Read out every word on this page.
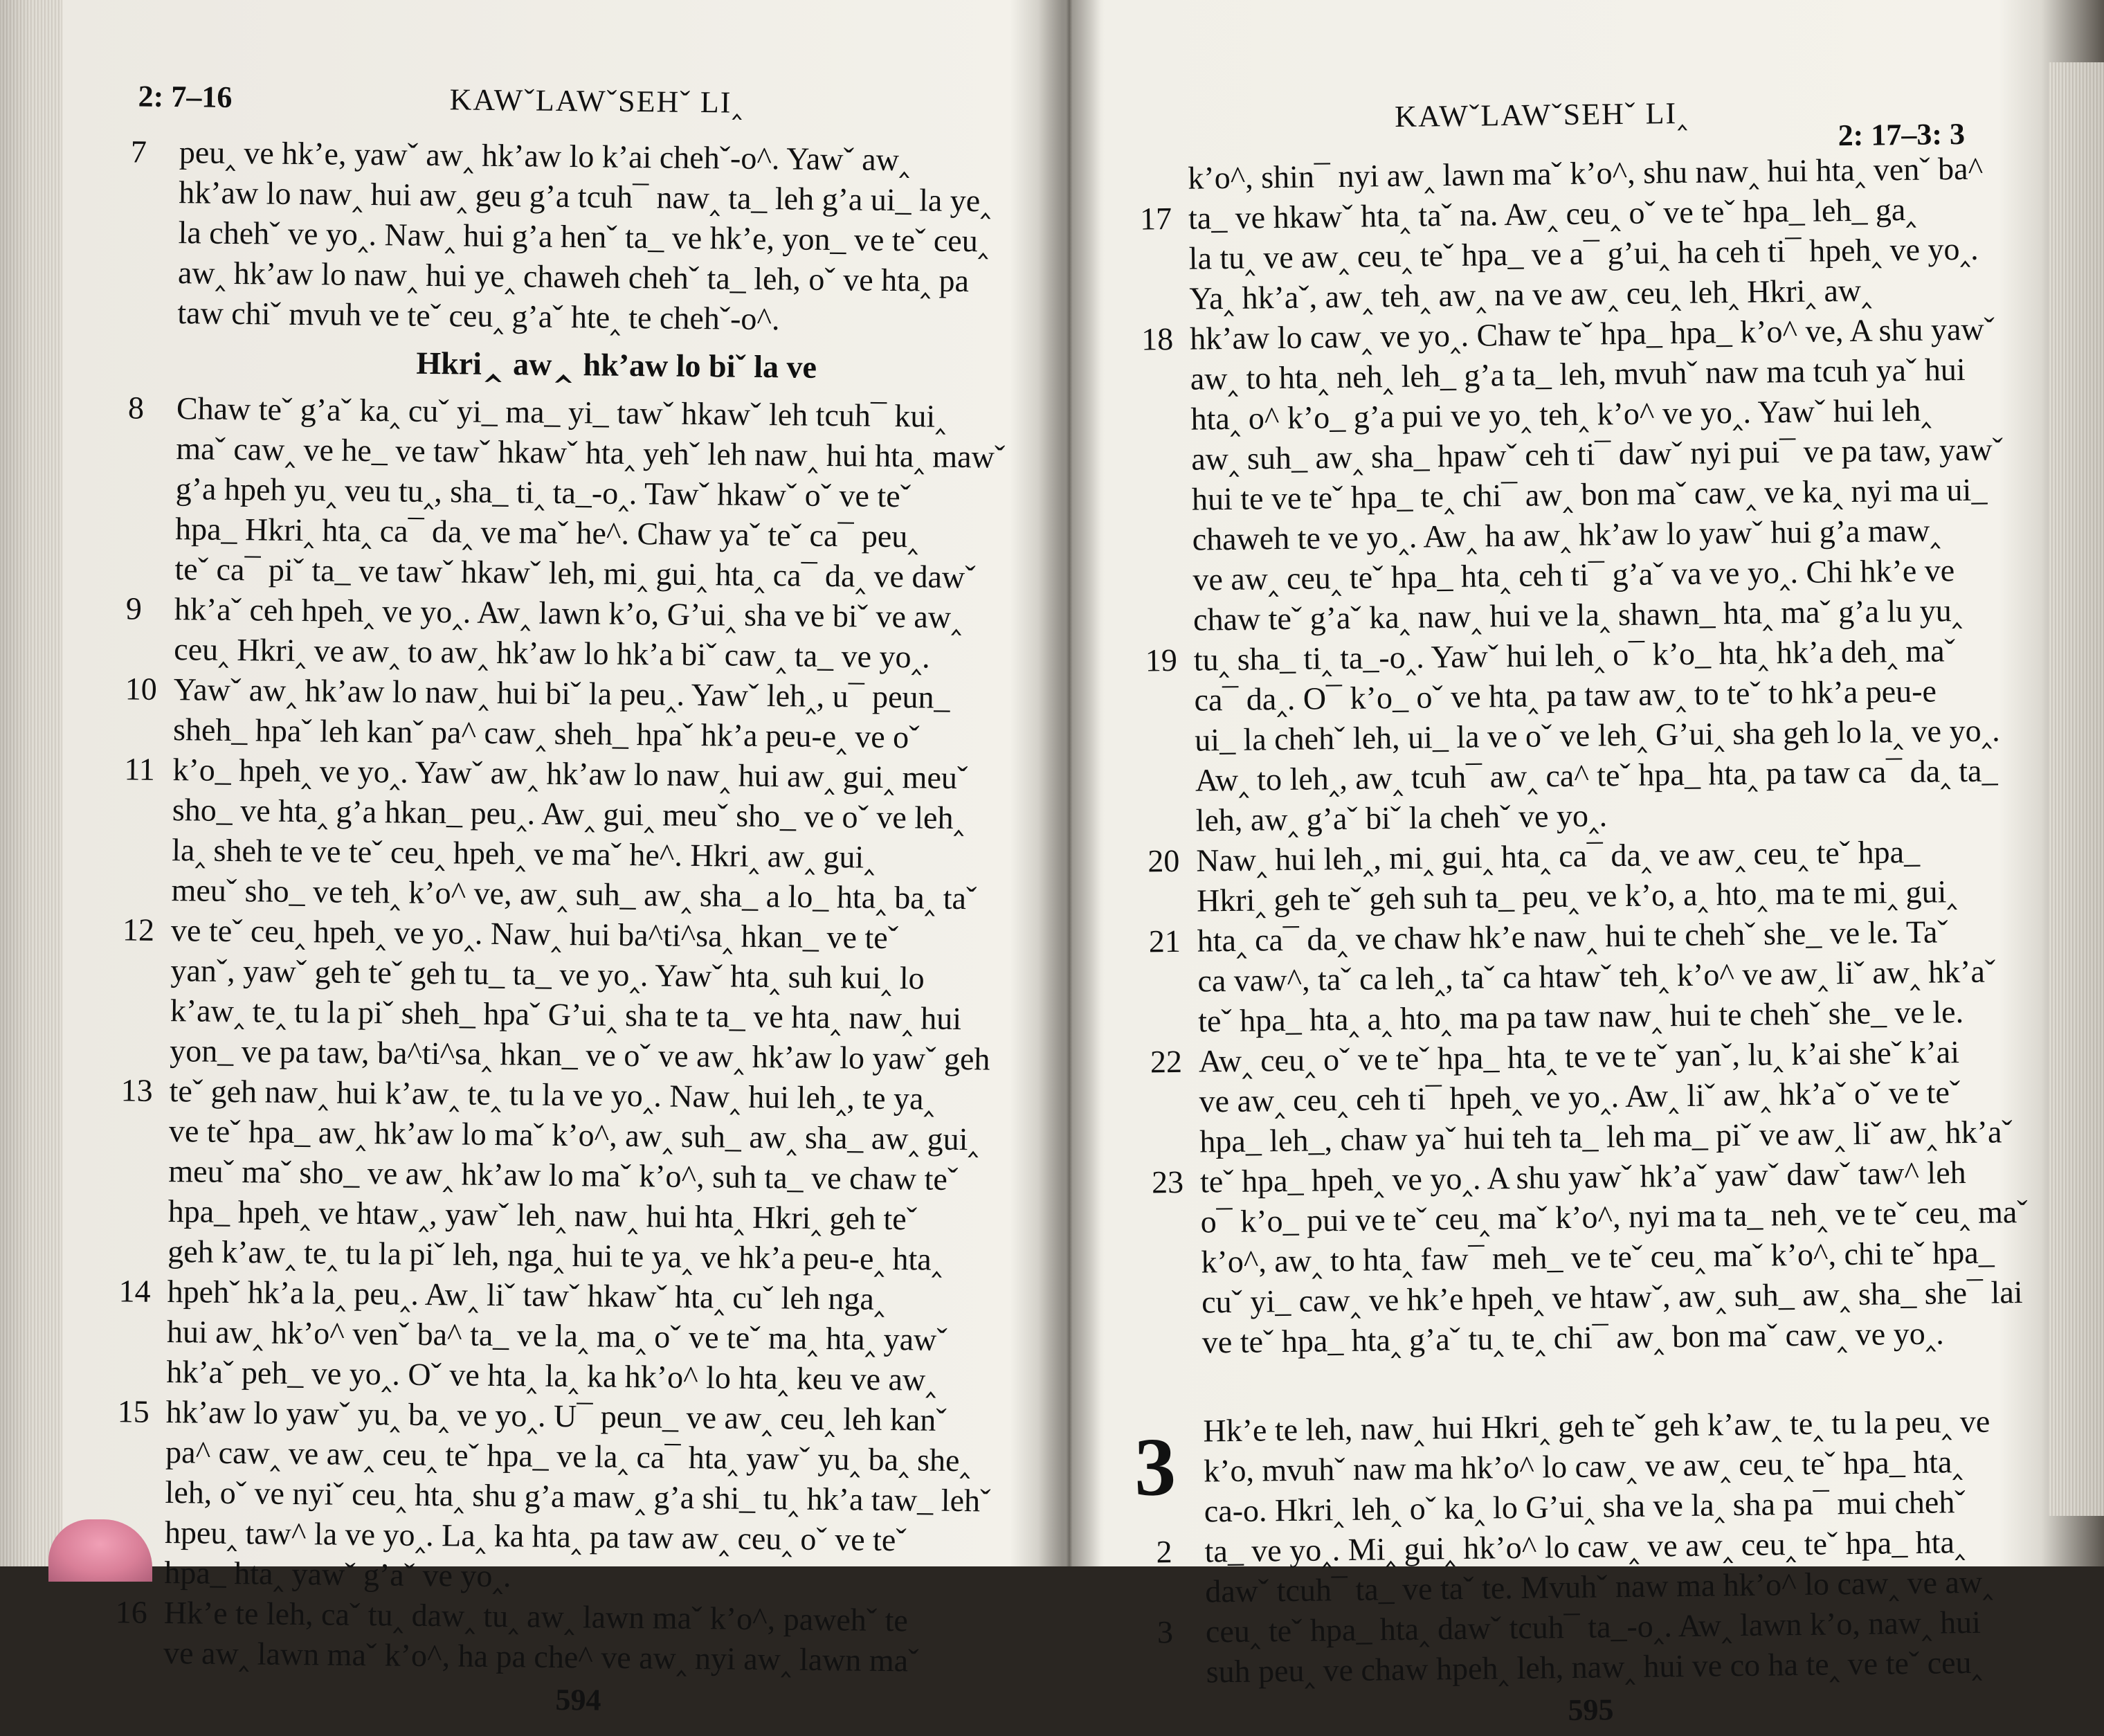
2: 7–16	KAWˇLAWˇSEHˇ LI‸
7 peu‸ ve hk’e, yawˇ aw‸ hk’aw lo k’ai chehˇ-o^. Yawˇ aw‸
hk’aw lo naw‸ hui aw‸ geu g’a tcuh¯ naw‸ ta_ leh g’a ui_ la ye‸
la chehˇ ve yo‸. Naw‸ hui g’a henˇ ta_ ve hk’e, yon_ ve teˇ ceu‸
aw‸ hk’aw lo naw‸ hui ye‸ chaweh chehˇ ta_ leh, oˇ ve hta‸ pa
taw chiˇ mvuh ve teˇ ceu‸ g’aˇ hte‸ te chehˇ-o^.
Hkri‸ aw‸ hk’aw lo biˇ la ve
8 Chaw teˇ g’aˇ ka‸ cuˇ yi_ ma_ yi_ tawˇ hkawˇ leh tcuh¯ kui‸
maˇ caw‸ ve he_ ve tawˇ hkawˇ hta‸ yehˇ leh naw‸ hui hta‸ mawˇ
g’a hpeh yu‸ veu tu‸, sha_ ti‸ ta_-o‸. Tawˇ hkawˇ oˇ ve teˇ
hpa_ Hkri‸ hta‸ ca¯ da‸ ve maˇ he^. Chaw yaˇ teˇ ca¯ peu‸
teˇ ca¯ piˇ ta_ ve tawˇ hkawˇ leh, mi‸ gui‸ hta‸ ca¯ da‸ ve dawˇ
9 hk’aˇ ceh hpeh‸ ve yo‸. Aw‸ lawn k’o, G’ui‸ sha ve biˇ ve aw‸
ceu‸ Hkri‸ ve aw‸ to aw‸ hk’aw lo hk’a biˇ caw‸ ta_ ve yo‸.
10 Yawˇ aw‸ hk’aw lo naw‸ hui biˇ la peu‸. Yawˇ leh‸, u¯ peun_
sheh_ hpaˇ leh kanˇ pa^ caw‸ sheh_ hpaˇ hk’a peu-e‸ ve oˇ
11 k’o_ hpeh‸ ve yo‸. Yawˇ aw‸ hk’aw lo naw‸ hui aw‸ gui‸ meuˇ
sho_ ve hta‸ g’a hkan_ peu‸. Aw‸ gui‸ meuˇ sho_ ve oˇ ve leh‸
la‸ sheh te ve teˇ ceu‸ hpeh‸ ve maˇ he^. Hkri‸ aw‸ gui‸
meuˇ sho_ ve teh‸ k’o^ ve, aw‸ suh_ aw‸ sha_ a lo_ hta‸ ba‸ taˇ
12 ve teˇ ceu‸ hpeh‸ ve yo‸. Naw‸ hui ba^ti^sa‸ hkan_ ve teˇ
yanˇ, yawˇ geh teˇ geh tu_ ta_ ve yo‸. Yawˇ hta‸ suh kui‸ lo
k’aw‸ te‸ tu la piˇ sheh_ hpaˇ G’ui‸ sha te ta_ ve hta‸ naw‸ hui
yon_ ve pa taw, ba^ti^sa‸ hkan_ ve oˇ ve aw‸ hk’aw lo yawˇ geh
13 teˇ geh naw‸ hui k’aw‸ te‸ tu la ve yo‸. Naw‸ hui leh‸, te ya‸
ve teˇ hpa_ aw‸ hk’aw lo maˇ k’o^, aw‸ suh_ aw‸ sha_ aw‸ gui‸
meuˇ maˇ sho_ ve aw‸ hk’aw lo maˇ k’o^, suh ta_ ve chaw teˇ
hpa_ hpeh‸ ve htaw‸, yawˇ leh‸ naw‸ hui hta‸ Hkri‸ geh teˇ
geh k’aw‸ te‸ tu la piˇ leh, nga‸ hui te ya‸ ve hk’a peu-e‸ hta‸
14 hpehˇ hk’a la‸ peu‸. Aw‸ liˇ tawˇ hkawˇ hta‸ cuˇ leh nga‸
hui aw‸ hk’o^ venˇ ba^ ta_ ve la‸ ma‸ oˇ ve teˇ ma‸ hta‸ yawˇ
hk’aˇ peh_ ve yo‸. Oˇ ve hta‸ la‸ ka hk’o^ lo hta‸ keu ve aw‸
15 hk’aw lo yawˇ yu‸ ba‸ ve yo‸. U¯ peun_ ve aw‸ ceu‸ leh kanˇ
pa^ caw‸ ve aw‸ ceu‸ teˇ hpa_ ve la‸ ca¯ hta‸ yawˇ yu‸ ba‸ she‸
leh, oˇ ve nyiˇ ceu‸ hta‸ shu g’a maw‸ g’a shi_ tu‸ hk’a taw_ lehˇ
hpeu‸ taw^ la ve yo‸. La‸ ka hta‸ pa taw aw‸ ceu‸ oˇ ve teˇ
hpa_ hta‸ yawˇ g’aˇ ve yo‸.
16 Hk’e te leh, caˇ tu‸ daw‸ tu‸ aw‸ lawn maˇ k’o^, pawehˇ te
ve aw‸ lawn maˇ k’o^, ha pa che^ ve aw‸ nyi aw‸ lawn maˇ
594
KAWˇLAWˇSEHˇ LI‸
2: 17–3: 3
k’o^, shin¯ nyi aw‸ lawn maˇ k’o^, shu naw‸ hui hta‸ venˇ ba^
17 ta_ ve hkawˇ hta‸ taˇ na. Aw‸ ceu‸ oˇ ve teˇ hpa_ leh_ ga‸
la tu‸ ve aw‸ ceu‸ teˇ hpa_ ve a¯ g’ui‸ ha ceh ti¯ hpeh‸ ve yo‸.
Ya‸ hk’aˇ, aw‸ teh‸ aw‸ na ve aw‸ ceu‸ leh‸ Hkri‸ aw‸
18 hk’aw lo caw‸ ve yo‸. Chaw teˇ hpa_ hpa_ k’o^ ve, A shu yawˇ
aw‸ to hta‸ neh‸ leh_ g’a ta_ leh, mvuhˇ naw ma tcuh yaˇ hui
hta‸ o^ k’o_ g’a pui ve yo‸ teh‸ k’o^ ve yo‸. Yawˇ hui leh‸
aw‸ suh_ aw‸ sha_ hpawˇ ceh ti¯ dawˇ nyi pui¯ ve pa taw, yawˇ
hui te ve teˇ hpa_ te‸ chi¯ aw‸ bon maˇ caw‸ ve ka‸ nyi ma ui_
chaweh te ve yo‸. Aw‸ ha aw‸ hk’aw lo yawˇ hui g’a maw‸
ve aw‸ ceu‸ teˇ hpa_ hta‸ ceh ti¯ g’aˇ va ve yo‸. Chi hk’e ve
chaw teˇ g’aˇ ka‸ naw‸ hui ve la‸ shawn_ hta‸ maˇ g’a lu yu‸
19 tu‸ sha_ ti‸ ta_-o‸. Yawˇ hui leh‸ o¯ k’o_ hta‸ hk’a deh‸ maˇ
ca¯ da‸. O¯ k’o_ oˇ ve hta‸ pa taw aw‸ to teˇ to hk’a peu-e
ui_ la chehˇ leh, ui_ la ve oˇ ve leh‸ G’ui‸ sha geh lo la‸ ve yo‸.
Aw‸ to leh‸, aw‸ tcuh¯ aw‸ ca^ teˇ hpa_ hta‸ pa taw ca¯ da‸ ta_
leh, aw‸ g’aˇ biˇ la chehˇ ve yo‸.
20 Naw‸ hui leh‸, mi‸ gui‸ hta‸ ca¯ da‸ ve aw‸ ceu‸ teˇ hpa_
Hkri‸ geh teˇ geh suh ta_ peu‸ ve k’o, a‸ hto‸ ma te mi‸ gui‸
21 hta‸ ca¯ da‸ ve chaw hk’e naw‸ hui te chehˇ she_ ve le. Taˇ
ca vaw^, taˇ ca leh‸, taˇ ca htawˇ teh‸ k’o^ ve aw‸ liˇ aw‸ hk’aˇ
teˇ hpa_ hta‸ a‸ hto‸ ma pa taw naw‸ hui te chehˇ she_ ve le.
22 Aw‸ ceu‸ oˇ ve teˇ hpa_ hta‸ te ve teˇ yanˇ, lu‸ k’ai sheˇ k’ai
ve aw‸ ceu‸ ceh ti¯ hpeh‸ ve yo‸. Aw‸ liˇ aw‸ hk’aˇ oˇ ve teˇ
hpa_ leh_, chaw yaˇ hui teh ta_ leh ma_ piˇ ve aw‸ liˇ aw‸ hk’aˇ
23 teˇ hpa_ hpeh‸ ve yo‸. A shu yawˇ hk’aˇ yawˇ dawˇ taw^ leh
o¯ k’o_ pui ve teˇ ceu‸ maˇ k’o^, nyi ma ta_ neh‸ ve teˇ ceu‸ maˇ
k’o^, aw‸ to hta‸ faw¯ meh_ ve teˇ ceu‸ maˇ k’o^, chi teˇ hpa_
cuˇ yi_ caw‸ ve hk’e hpeh‸ ve htawˇ, aw‸ suh_ aw‸ sha_ she¯ lai
ve teˇ hpa_ hta‸ g’aˇ tu‸ te‸ chi¯ aw‸ bon maˇ caw‸ ve yo‸.
3 Hk’e te leh, naw‸ hui Hkri‸ geh teˇ geh k’aw‸ te‸ tu la peu‸ ve
k’o, mvuhˇ naw ma hk’o^ lo caw‸ ve aw‸ ceu‸ teˇ hpa_ hta‸
ca-o. Hkri‸ leh‸ oˇ ka‸ lo G’ui‸ sha ve la‸ sha pa¯ mui chehˇ
2 ta_ ve yo‸. Mi‸ gui‸ hk’o^ lo caw‸ ve aw‸ ceu‸ teˇ hpa_ hta‸
dawˇ tcuh¯ ta_ ve taˇ te. Mvuhˇ naw ma hk’o^ lo caw‸ ve aw‸
3 ceu‸ teˇ hpa_ hta‸ dawˇ tcuh¯ ta_-o‸. Aw‸ lawn k’o, naw‸ hui
suh peu‸ ve chaw hpeh‸ leh, naw‸ hui ve co ha te‸ ve teˇ ceu‸
595
